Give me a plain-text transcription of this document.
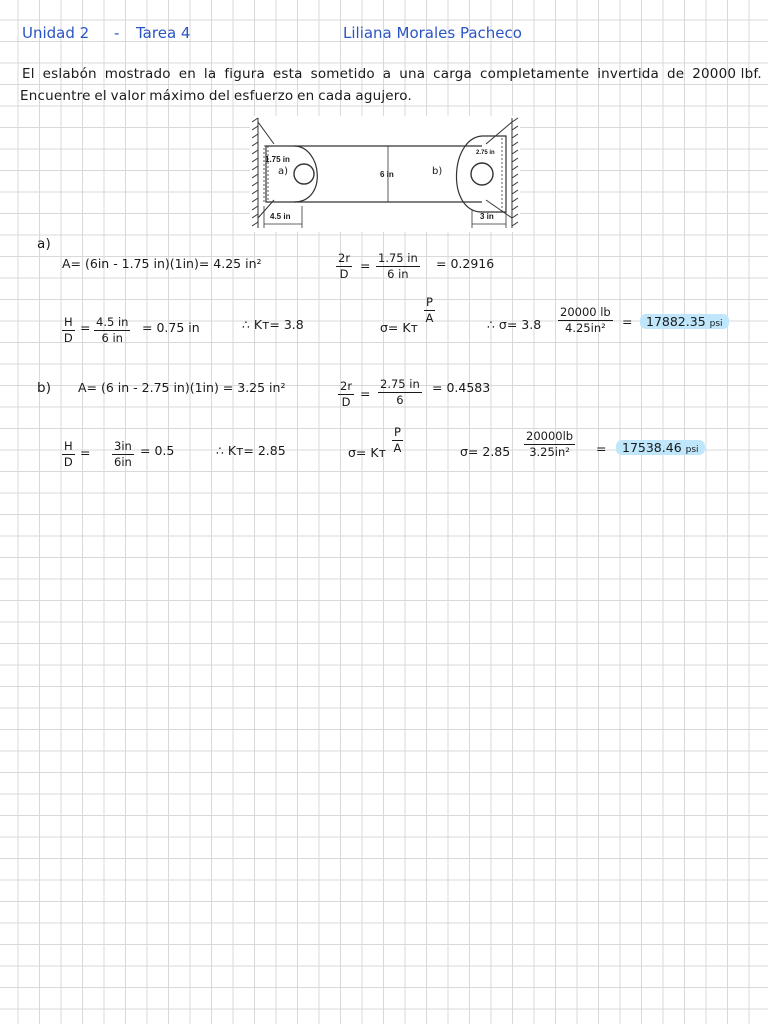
Unidad 2 - Tarea 4	Liliana Morales Pacheco
El eslabón mostrado en la figura esta sometido a una carga completamente invertida de 20000 lbf.
Encuentre el valor máximo del esfuerzo en cada agujero.
1.75 in
a)	6 in	b)
2.75 in
4.5 in	3 in
a)
A= (6in - 1.75 in)(1in)= 4.25 in²	$\frac{2r}{D} = \frac{1.75 in}{6 in} = 0.2916$
$\frac{H}{D} = \frac{4.5 in}{6 in} = 0.75$ in	∴ Kт= 3.8	σ= Kт
$\frac{P}{A}$	∴ $\sigma= 3.8 \frac{20000 lb}{\text{4.25in²}}$ =	17882.35 psi
b) A= (6 in - 2.75 in)(1in) = 3.25 in²	$\frac{2r}{D} = \frac{2.75 in}{6} = 0.4583$
$\frac{H}{D} = \frac{3in}{6in} = 0.5$	∴ Kт= 2.85	σ= Kт $\frac{P}{A}$	$\sigma= 2.85 \frac{20000lb}{\text{3.25in²}}$ =	17538.46 psi
